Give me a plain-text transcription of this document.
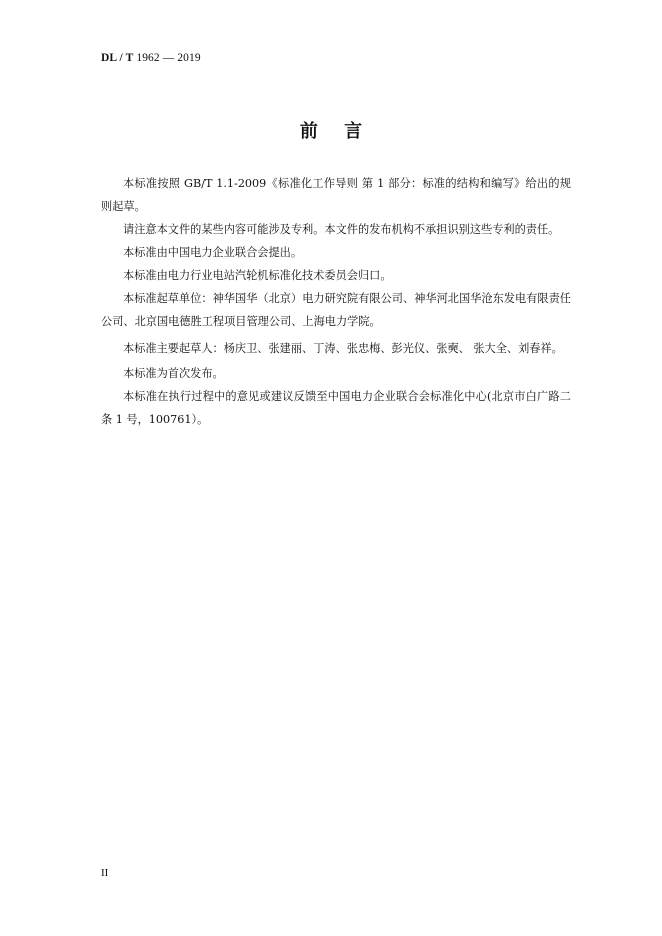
DL / T 1962 — 2019
前 言

本标准按照 GB/T 1.1-2009《标准化工作导则 第 1 部分：标准的结构和编写》给出的规则起草。

请注意本文件的某些内容可能涉及专利。本文件的发布机构不承担识别这些专利的责任。

本标准由中国电力企业联合会提出。

本标准由电力行业电站汽轮机标准化技术委员会归口。

本标准起草单位：神华国华（北京）电力研究院有限公司、神华河北国华沧东发电有限责任公司、北京国电德胜工程项目管理公司、上海电力学院。

本标准主要起草人：杨庆卫、张建丽、丁涛、张忠梅、彭光仪、张奭、 张大全、刘春祥。

本标准为首次发布。

本标准在执行过程中的意见或建议反馈至中国电力企业联合会标准化中心(北京市白广路二条 1 号，100761）。

II
